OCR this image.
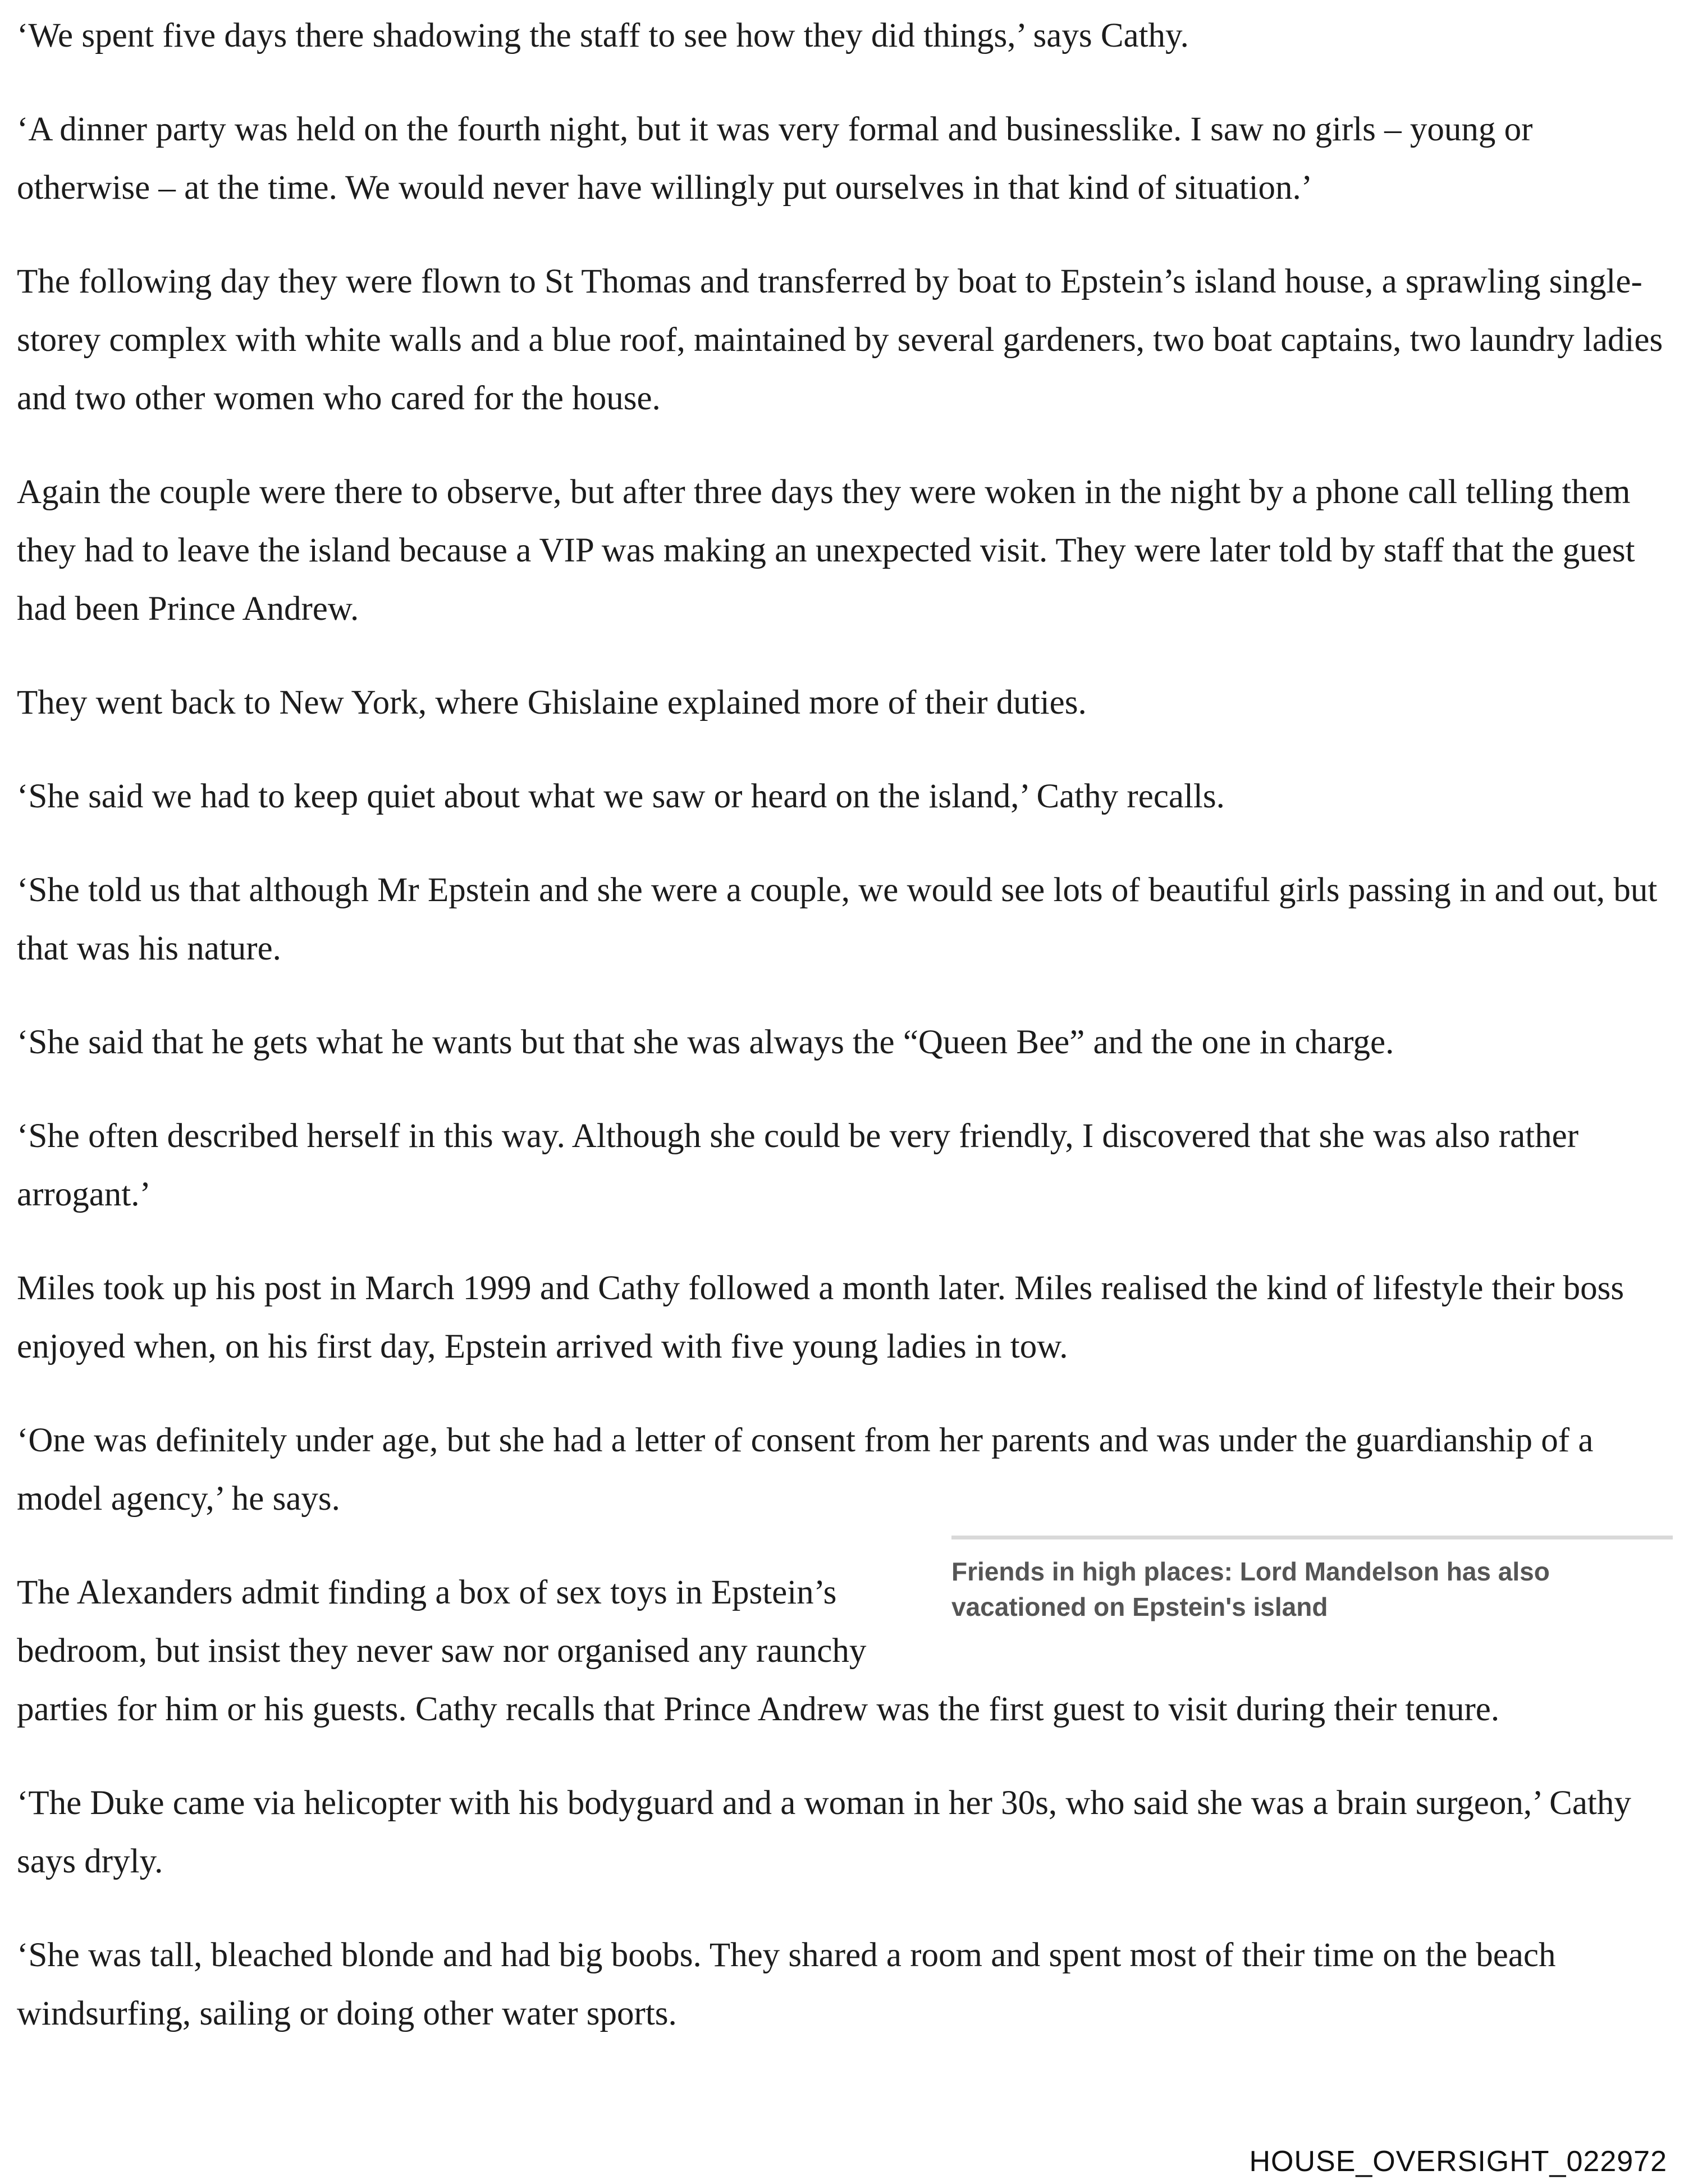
‘We spent five days there shadowing the staff to see how they did things,’ says Cathy.

‘A dinner party was held on the fourth night, but it was very formal and businesslike. I saw no girls – young or otherwise – at the time. We would never have willingly put ourselves in that kind of situation.’

The following day they were flown to St Thomas and transferred by boat to Epstein’s island house, a sprawling single-storey complex with white walls and a blue roof, maintained by several gardeners, two boat captains, two laundry ladies and two other women who cared for the house.

Again the couple were there to observe, but after three days they were woken in the night by a phone call telling them they had to leave the island because a VIP was making an unexpected visit. They were later told by staff that the guest had been Prince Andrew.

They went back to New York, where Ghislaine explained more of their duties.

‘She said we had to keep quiet about what we saw or heard on the island,’ Cathy recalls.

‘She told us that although Mr Epstein and she were a couple, we would see lots of beautiful girls passing in and out, but that was his nature.

‘She said that he gets what he wants but that she was always the “Queen Bee” and the one in charge.

‘She often described herself in this way. Although she could be very friendly, I discovered that she was also rather arrogant.’

Miles took up his post in March 1999 and Cathy followed a month later. Miles realised the kind of lifestyle their boss enjoyed when, on his first day, Epstein arrived with five young ladies in tow.

‘One was definitely under age, but she had a letter of consent from her parents and was under the guardianship of a model agency,’ he says.

Friends in high places: Lord Mandelson has also vacationed on Epstein's island

The Alexanders admit finding a box of sex toys in Epstein’s bedroom, but insist they never saw nor organised any raunchy parties for him or his guests. Cathy recalls that Prince Andrew was the first guest to visit during their tenure.

‘The Duke came via helicopter with his bodyguard and a woman in her 30s, who said she was a brain surgeon,’ Cathy says dryly.

‘She was tall, bleached blonde and had big boobs. They shared a room and spent most of their time on the beach windsurfing, sailing or doing other water sports.

HOUSE_OVERSIGHT_022972
